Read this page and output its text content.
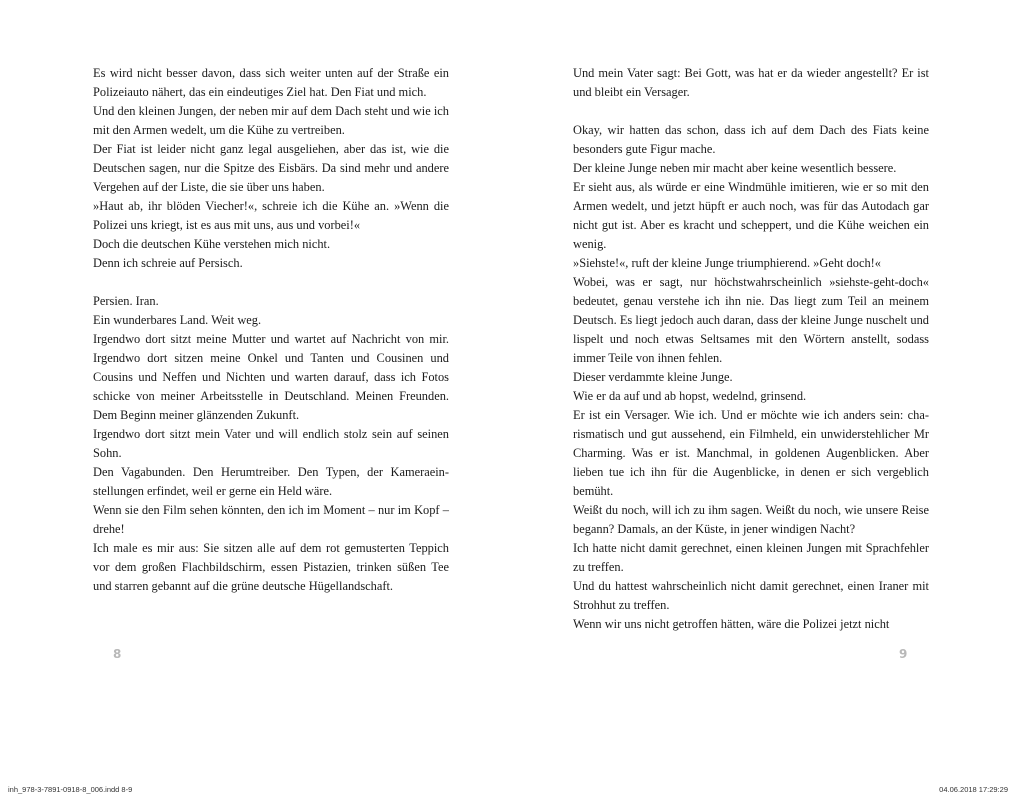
Es wird nicht besser davon, dass sich weiter unten auf der Straße ein Polizeiauto nähert, das ein eindeutiges Ziel hat. Den Fiat und mich.

Und den kleinen Jungen, der neben mir auf dem Dach steht und wie ich mit den Armen wedelt, um die Kühe zu vertreiben.

Der Fiat ist leider nicht ganz legal ausgeliehen, aber das ist, wie die Deutschen sagen, nur die Spitze des Eisbärs. Da sind mehr und andere Vergehen auf der Liste, die sie über uns haben.

»Haut ab, ihr blöden Viecher!«, schreie ich die Kühe an. »Wenn die Polizei uns kriegt, ist es aus mit uns, aus und vorbei!«

Doch die deutschen Kühe verstehen mich nicht.

Denn ich schreie auf Persisch.

Persien. Iran.

Ein wunderbares Land. Weit weg.

Irgendwo dort sitzt meine Mutter und wartet auf Nachricht von mir. Irgendwo dort sitzen meine Onkel und Tanten und Cousinen und Cousins und Neffen und Nichten und warten darauf, dass ich Fotos schicke von meiner Arbeitsstelle in Deutschland. Meinen Freunden. Dem Beginn meiner glänzenden Zukunft.

Irgendwo dort sitzt mein Vater und will endlich stolz sein auf seinen Sohn.

Den Vagabunden. Den Herumtreiber. Den Typen, der Kameraeinstellungen erfindet, weil er gerne ein Held wäre.

Wenn sie den Film sehen könnten, den ich im Moment – nur im Kopf – drehe!

Ich male es mir aus: Sie sitzen alle auf dem rot gemusterten Teppich vor dem großen Flachbildschirm, essen Pistazien, trinken süßen Tee und starren gebannt auf die grüne deutsche Hügellandschaft.

Und mein Vater sagt: Bei Gott, was hat er da wieder angestellt? Er ist und bleibt ein Versager.

Okay, wir hatten das schon, dass ich auf dem Dach des Fiats keine besonders gute Figur mache.

Der kleine Junge neben mir macht aber keine wesentlich bessere.

Er sieht aus, als würde er eine Windmühle imitieren, wie er so mit den Armen wedelt, und jetzt hüpft er auch noch, was für das Autodach gar nicht gut ist. Aber es kracht und scheppert, und die Kühe weichen ein wenig.

»Siehste!«, ruft der kleine Junge triumphierend. »Geht doch!«

Wobei, was er sagt, nur höchstwahrscheinlich »siehste-geht-doch« bedeutet, genau verstehe ich ihn nie. Das liegt zum Teil an meinem Deutsch. Es liegt jedoch auch daran, dass der kleine Junge nuschelt und lispelt und noch etwas Seltsames mit den Wörtern anstellt, sodass immer Teile von ihnen fehlen.

Dieser verdammte kleine Junge.

Wie er da auf und ab hopst, wedelnd, grinsend.

Er ist ein Versager. Wie ich. Und er möchte wie ich anders sein: charismatisch und gut aussehend, ein Filmheld, ein unwiderstehlicher Mr Charming. Was er ist. Manchmal, in goldenen Augenblicken. Aber lieben tue ich ihn für die Augenblicke, in denen er sich vergeblich bemüht.

Weißt du noch, will ich zu ihm sagen. Weißt du noch, wie unsere Reise begann? Damals, an der Küste, in jener windigen Nacht?

Ich hatte nicht damit gerechnet, einen kleinen Jungen mit Sprachfehler zu treffen.

Und du hattest wahrscheinlich nicht damit gerechnet, einen Iraner mit Strohhut zu treffen.

Wenn wir uns nicht getroffen hätten, wäre die Polizei jetzt nicht

8	9
inh_978-3-7891-0918-8_006.indd 8-9	04.06.2018 17:29:29
